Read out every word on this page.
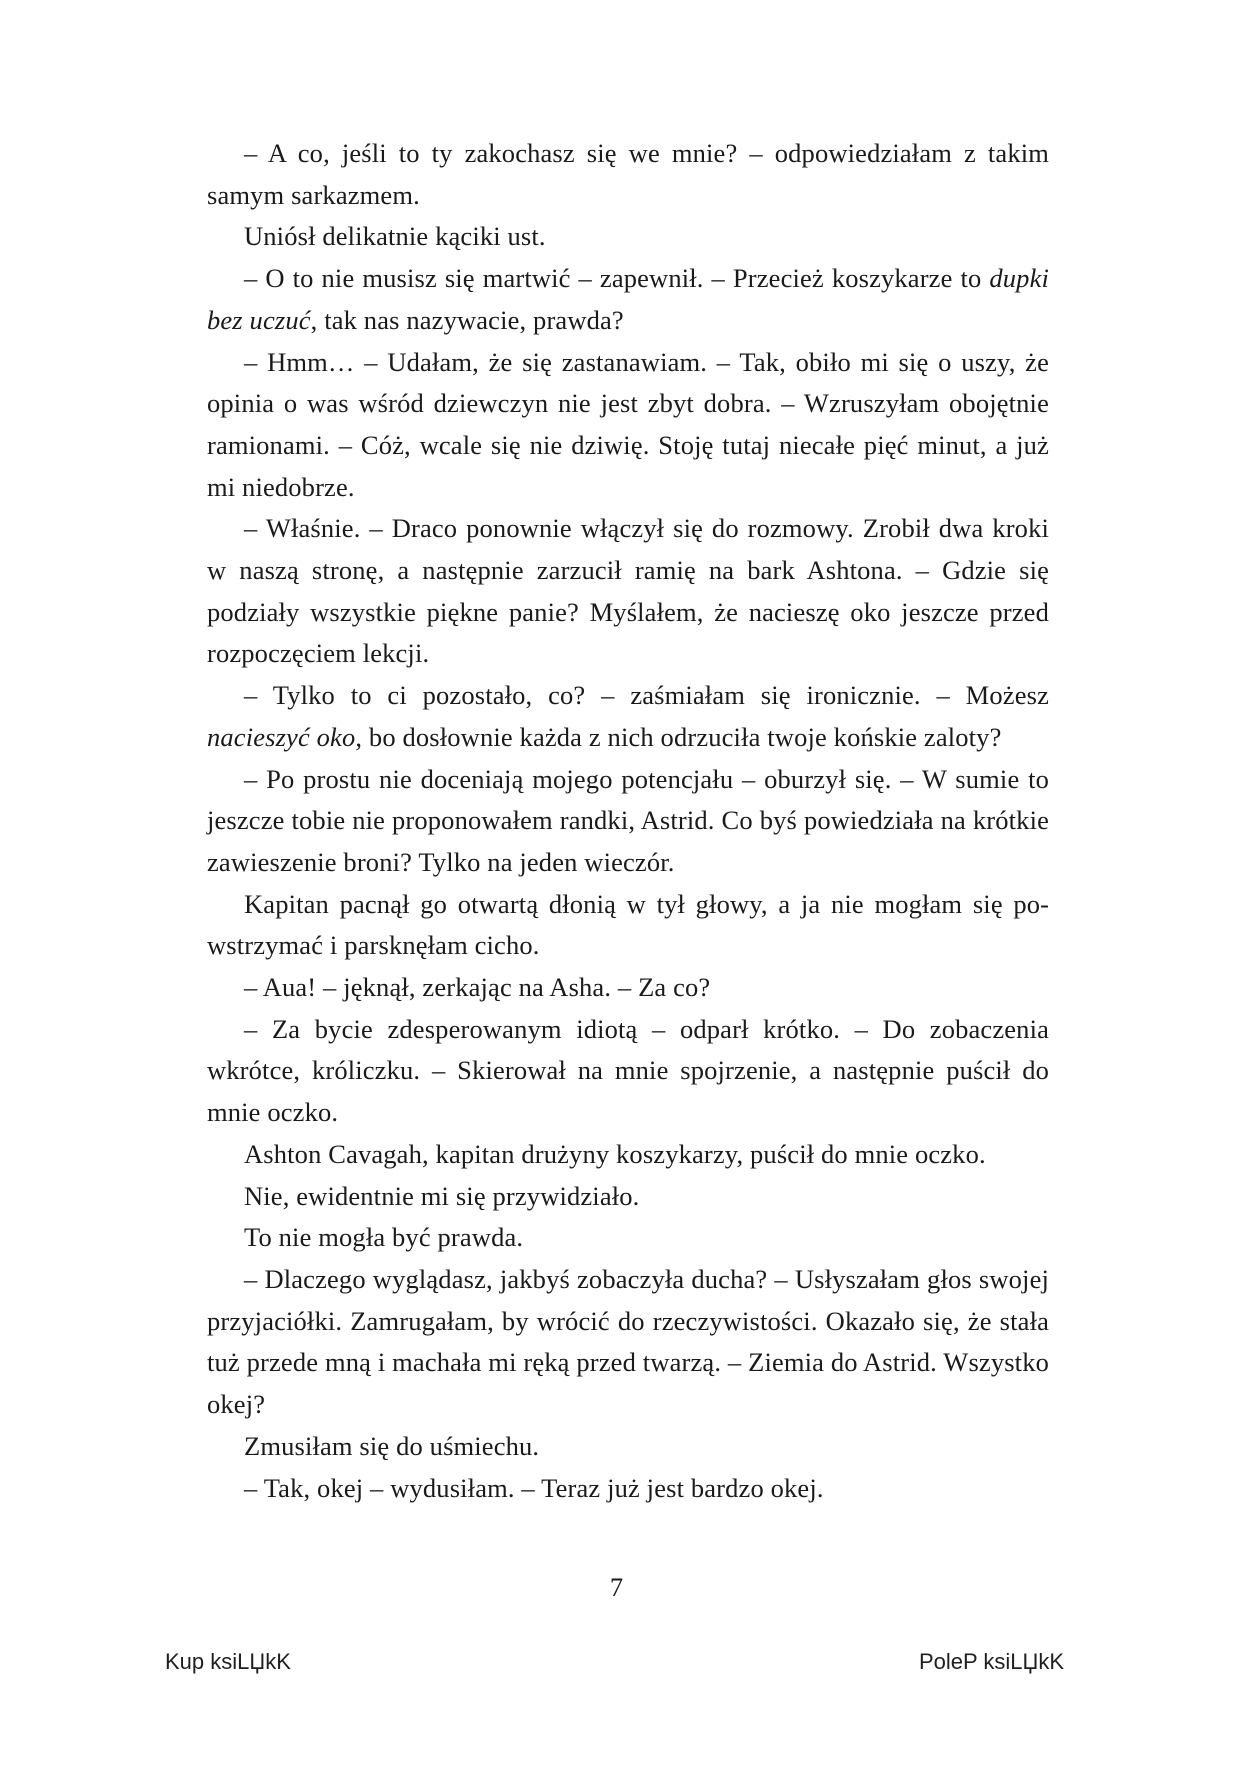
– A co, jeśli to ty zakochasz się we mnie? – odpowiedziałam z takim samym sarkazmem.

Uniósł delikatnie kąciki ust.

– O to nie musisz się martwić – zapewnił. – Przecież koszykarze to dupki bez uczuć, tak nas nazywacie, prawda?

– Hmm… – Udałam, że się zastanawiam. – Tak, obiło mi się o uszy, że opinia o was wśród dziewczyn nie jest zbyt dobra. – Wzruszyłam obojętnie ramionami. – Cóż, wcale się nie dziwię. Stoję tutaj niecałe pięć minut, a już mi niedobrze.

– Właśnie. – Draco ponownie włączył się do rozmowy. Zrobił dwa kroki w naszą stronę, a następnie zarzucił ramię na bark Ashtona. – Gdzie się podziały wszystkie piękne panie? Myślałem, że nacieszę oko jeszcze przed rozpoczęciem lekcji.

– Tylko to ci pozostało, co? – zaśmiałam się ironicznie. – Możesz nacieszyć oko, bo dosłownie każda z nich odrzuciła twoje końskie zaloty?

– Po prostu nie doceniają mojego potencjału – oburzył się. – W sumie to jeszcze tobie nie proponowałem randki, Astrid. Co byś powiedziała na krótkie zawieszenie broni? Tylko na jeden wieczór.

Kapitan pacnął go otwartą dłonią w tył głowy, a ja nie mogłam się powstrzymać i parsknęłam cicho.

– Aua! – jęknął, zerkając na Asha. – Za co?

– Za bycie zdesperowanym idiotą – odparł krótko. – Do zobaczenia wkrótce, króliczku. – Skierował na mnie spojrzenie, a następnie puścił do mnie oczko.

Ashton Cavagah, kapitan drużyny koszykarzy, puścił do mnie oczko.

Nie, ewidentnie mi się przywidziało.

To nie mogła być prawda.

– Dlaczego wyglądasz, jakbyś zobaczyła ducha? – Usłyszałam głos swojej przyjaciółki. Zamrugałam, by wrócić do rzeczywistości. Okazało się, że stała tuż przede mną i machała mi ręką przed twarzą. – Ziemia do Astrid. Wszystko okej?

Zmusiłam się do uśmiechu.

– Tak, okej – wydusiłam. – Teraz już jest bardzo okej.

7
Kup ksiLЏkK	PoleP ksiLЏkK
